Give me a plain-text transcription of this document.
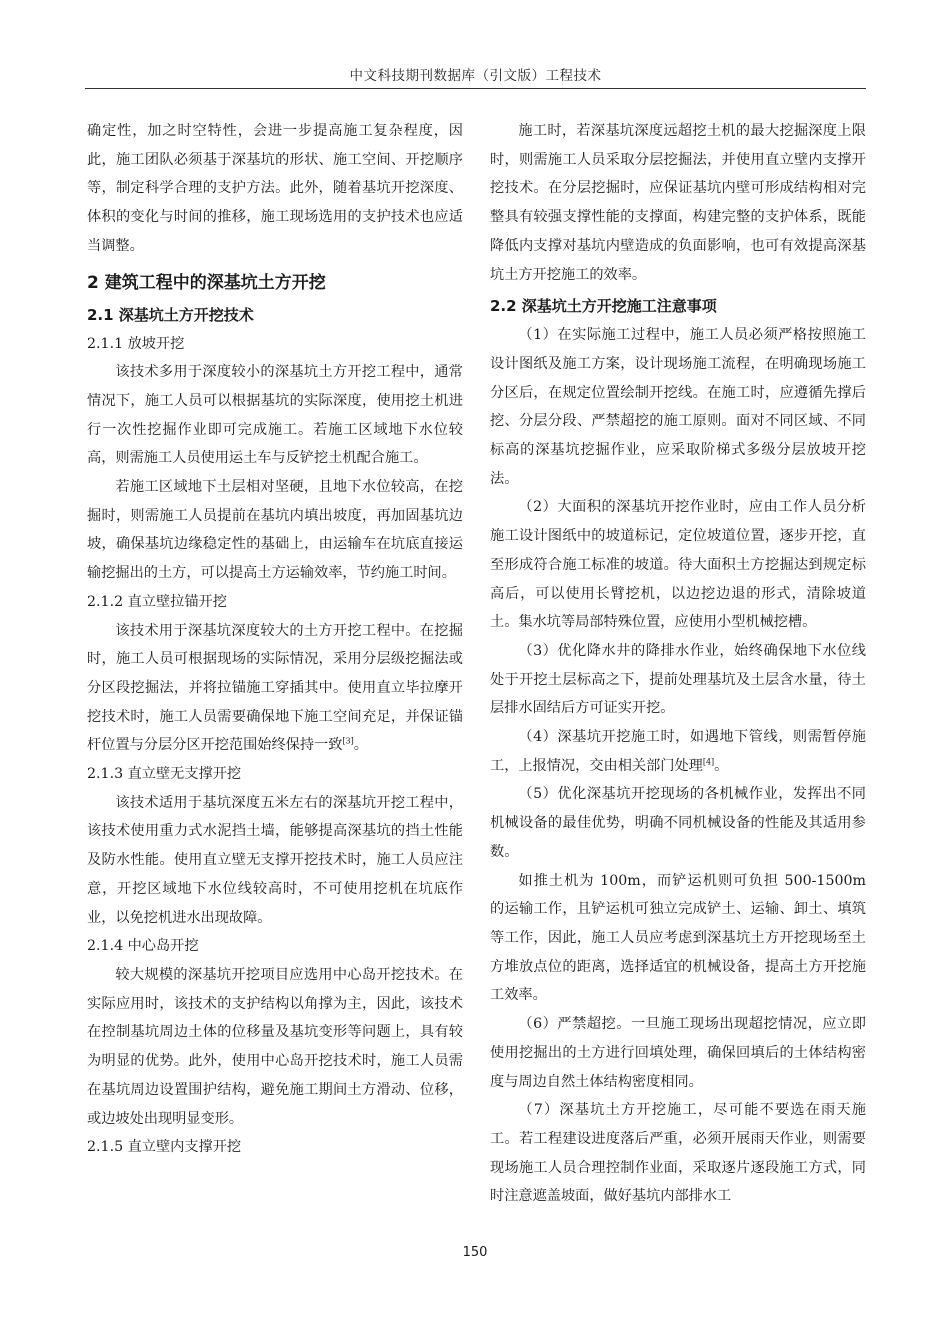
中文科技期刊数据库（引文版）工程技术

确定性，加之时空特性，会进一步提高施工复杂程度，因此，施工团队必须基于深基坑的形状、施工空间、开挖顺序等，制定科学合理的支护方法。此外，随着基坑开挖深度、体积的变化与时间的推移，施工现场选用的支护技术也应适当调整。

2 建筑工程中的深基坑土方开挖
2.1 深基坑土方开挖技术
2.1.1 放坡开挖

该技术多用于深度较小的深基坑土方开挖工程中，通常情况下，施工人员可以根据基坑的实际深度，使用挖土机进行一次性挖掘作业即可完成施工。若施工区域地下水位较高，则需施工人员使用运土车与反铲挖土机配合施工。

若施工区域地下土层相对坚硬，且地下水位较高，在挖掘时，则需施工人员提前在基坑内填出坡度，再加固基坑边坡，确保基坑边缘稳定性的基础上，由运输车在坑底直接运输挖掘出的土方，可以提高土方运输效率，节约施工时间。

2.1.2 直立壁拉锚开挖

该技术用于深基坑深度较大的土方开挖工程中。在挖掘时，施工人员可根据现场的实际情况，采用分层级挖掘法或分区段挖掘法，并将拉锚施工穿插其中。使用直立毕拉摩开挖技术时，施工人员需要确保地下施工空间充足，并保证锚杆位置与分层分区开挖范围始终保持一致[3]。

2.1.3 直立壁无支撑开挖

该技术适用于基坑深度五米左右的深基坑开挖工程中，该技术使用重力式水泥挡土墙，能够提高深基坑的挡土性能及防水性能。使用直立壁无支撑开挖技术时，施工人员应注意，开挖区域地下水位线较高时，不可使用挖机在坑底作业，以免挖机进水出现故障。

2.1.4 中心岛开挖

较大规模的深基坑开挖项目应选用中心岛开挖技术。在实际应用时，该技术的支护结构以角撑为主，因此，该技术在控制基坑周边土体的位移量及基坑变形等问题上，具有较为明显的优势。此外，使用中心岛开挖技术时，施工人员需在基坑周边设置围护结构，避免施工期间土方滑动、位移，或边坡处出现明显变形。

2.1.5 直立壁内支撑开挖

施工时，若深基坑深度远超挖土机的最大挖掘深度上限时，则需施工人员采取分层挖掘法，并使用直立壁内支撑开挖技术。在分层挖掘时，应保证基坑内壁可形成结构相对完整具有较强支撑性能的支撑面，构建完整的支护体系，既能降低内支撑对基坑内壁造成的负面影响，也可有效提高深基坑土方开挖施工的效率。

2.2 深基坑土方开挖施工注意事项

（1）在实际施工过程中，施工人员必须严格按照施工设计图纸及施工方案，设计现场施工流程，在明确现场施工分区后，在规定位置绘制开挖线。在施工时，应遵循先撑后挖、分层分段、严禁超挖的施工原则。面对不同区域、不同标高的深基坑挖掘作业，应采取阶梯式多级分层放坡开挖法。

（2）大面积的深基坑开挖作业时，应由工作人员分析施工设计图纸中的坡道标记，定位坡道位置，逐步开挖，直至形成符合施工标准的坡道。待大面积土方挖掘达到规定标高后，可以使用长臂挖机，以边挖边退的形式，清除坡道土。集水坑等局部特殊位置，应使用小型机械挖槽。

（3）优化降水井的降排水作业，始终确保地下水位线处于开挖土层标高之下，提前处理基坑及土层含水量，待土层排水固结后方可证实开挖。

（4）深基坑开挖施工时，如遇地下管线，则需暂停施工，上报情况，交由相关部门处理[4]。

（5）优化深基坑开挖现场的各机械作业，发挥出不同机械设备的最佳优势，明确不同机械设备的性能及其适用参数。

如推土机为 100m，而铲运机则可负担 500-1500m 的运输工作，且铲运机可独立完成铲土、运输、卸土、填筑等工作，因此，施工人员应考虑到深基坑土方开挖现场至土方堆放点位的距离，选择适宜的机械设备，提高土方开挖施工效率。

（6）严禁超挖。一旦施工现场出现超挖情况，应立即使用挖掘出的土方进行回填处理，确保回填后的土体结构密度与周边自然土体结构密度相同。

（7）深基坑土方开挖施工，尽可能不要选在雨天施工。若工程建设进度落后严重，必须开展雨天作业，则需要现场施工人员合理控制作业面，采取逐片逐段施工方式，同时注意遮盖坡面，做好基坑内部排水工

150
